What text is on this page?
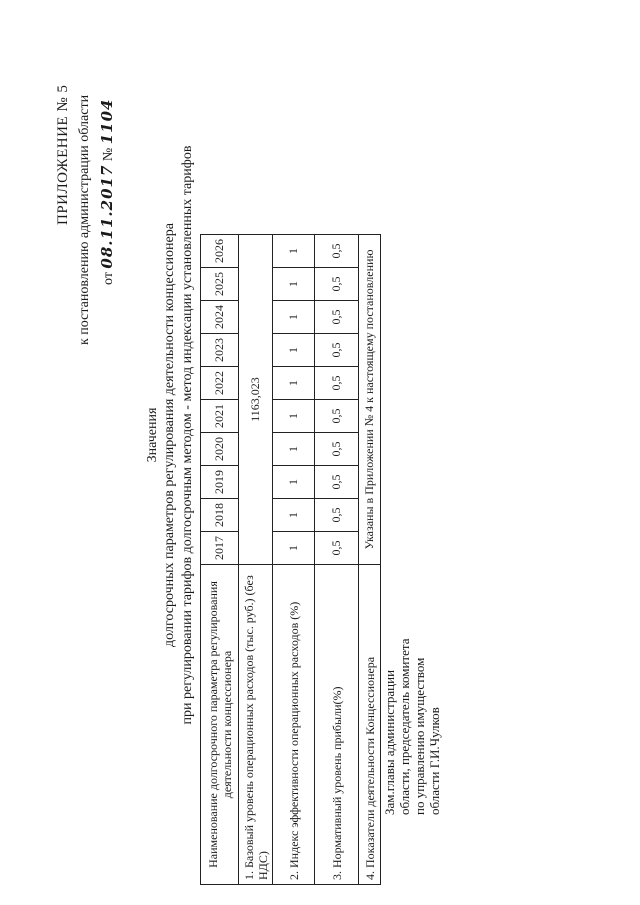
ПРИЛОЖЕНИЕ № 5 к постановлению администрации области от 08.11.2017 № 1104
Значения долгосрочных параметров регулирования деятельности концессионера при регулировании тарифов долгосрочным методом - метод индексации установленных тарифов
Наименование долгосрочного параметра регулирования деятельности концессионера	2017	2018	2019	2020	2021	2022	2023	2024	2025	2026
1. Базовый уровень операционных расходов (тыс. руб.) (без НДС)	1163,023									
2. Индекс эффективности операционных расходов (%)	1	1	1	1	1	1	1	1	1	1
3. Нормативный уровень прибыли(%)	0,5	0,5	0,5	0,5	0,5	0,5	0,5	0,5	0,5	0,5
4. Показатели деятельности Концессионера	Указаны в Приложении № 4 к настоящему постановлению									
Зам.главы администрации области, председатель комитета по управлению имуществом области Г.И.Чулков
